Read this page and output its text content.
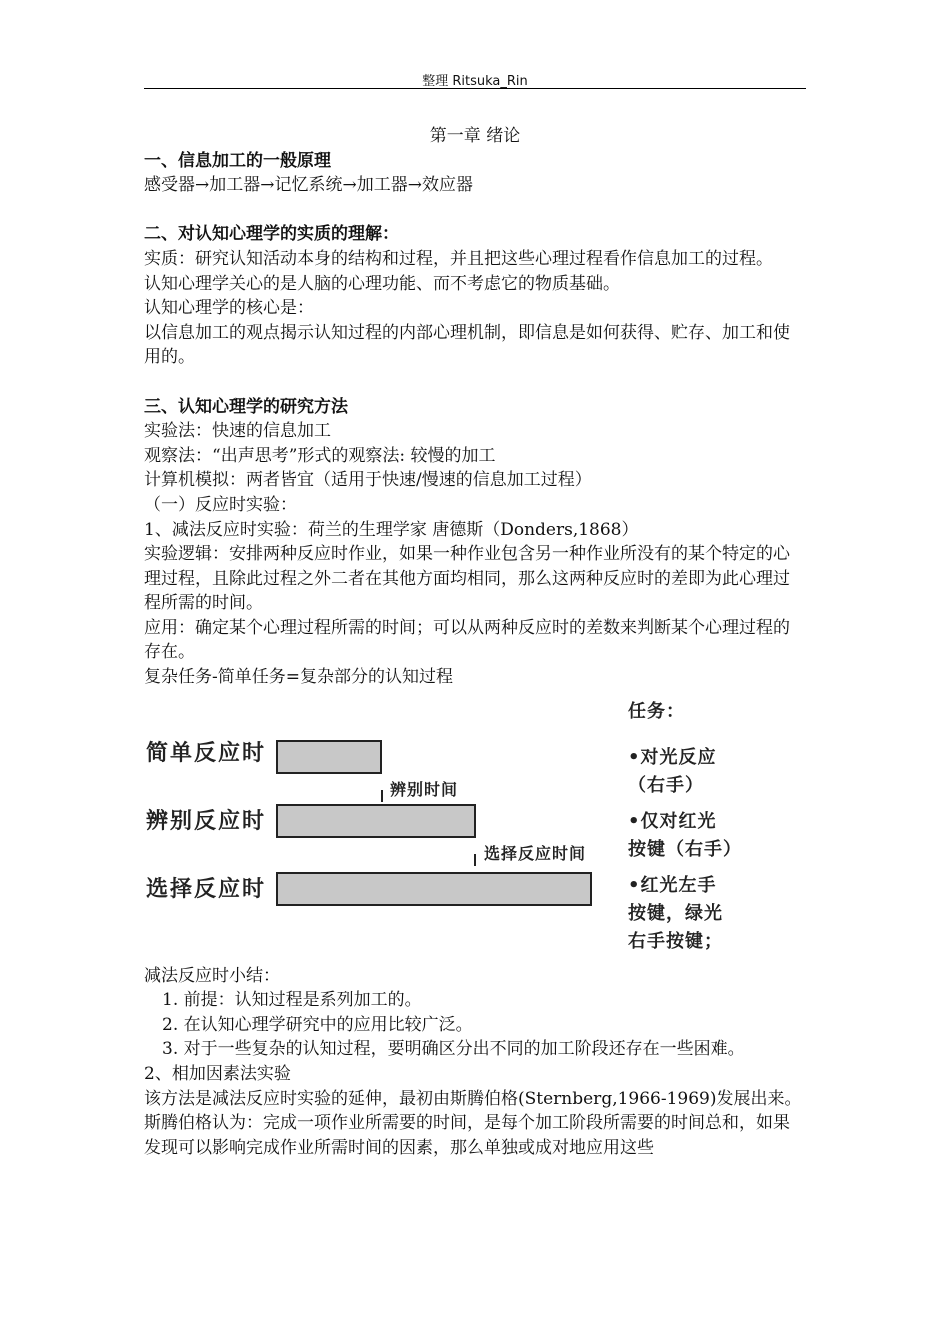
整理 Ritsuka_Rin

第一章 绪论

一、信息加工的一般原理

感受器→加工器→记忆系统→加工器→效应器

二、对认知心理学的实质的理解：

实质：研究认知活动本身的结构和过程，并且把这些心理过程看作信息加工的过程。

认知心理学关心的是人脑的心理功能、而不考虑它的物质基础。

认知心理学的核心是：

以信息加工的观点揭示认知过程的内部心理机制，即信息是如何获得、贮存、加工和使用的。

三、认知心理学的研究方法

实验法：快速的信息加工

观察法：“出声思考”形式的观察法: 较慢的加工

计算机模拟：两者皆宜（适用于快速/慢速的信息加工过程）

（一）反应时实验：

1、减法反应时实验：荷兰的生理学家 唐德斯（Donders,1868）

实验逻辑：安排两种反应时作业，如果一种作业包含另一种作业所没有的某个特定的心理过程，且除此过程之外二者在其他方面均相同，那么这两种反应时的差即为此心理过程所需的时间。

应用：确定某个心理过程所需的时间；可以从两种反应时的差数来判断某个心理过程的存在。

复杂任务-简单任务=复杂部分的认知过程

简单反应时
辨别时间
辨别反应时
选择反应时间
选择反应时
任务：
•对光反应
（右手）
•仅对红光
按键（右手）
•红光左手
按键，绿光
右手按键；

减法反应时小结：

1. 前提：认知过程是系列加工的。

2. 在认知心理学研究中的应用比较广泛。

3. 对于一些复杂的认知过程，要明确区分出不同的加工阶段还存在一些困难。

2、相加因素法实验

该方法是减法反应时实验的延伸，最初由斯腾伯格(Sternberg,1966-1969)发展出来。

斯腾伯格认为：完成一项作业所需要的时间，是每个加工阶段所需要的时间总和，如果发现可以影响完成作业所需时间的因素，那么单独或成对地应用这些
